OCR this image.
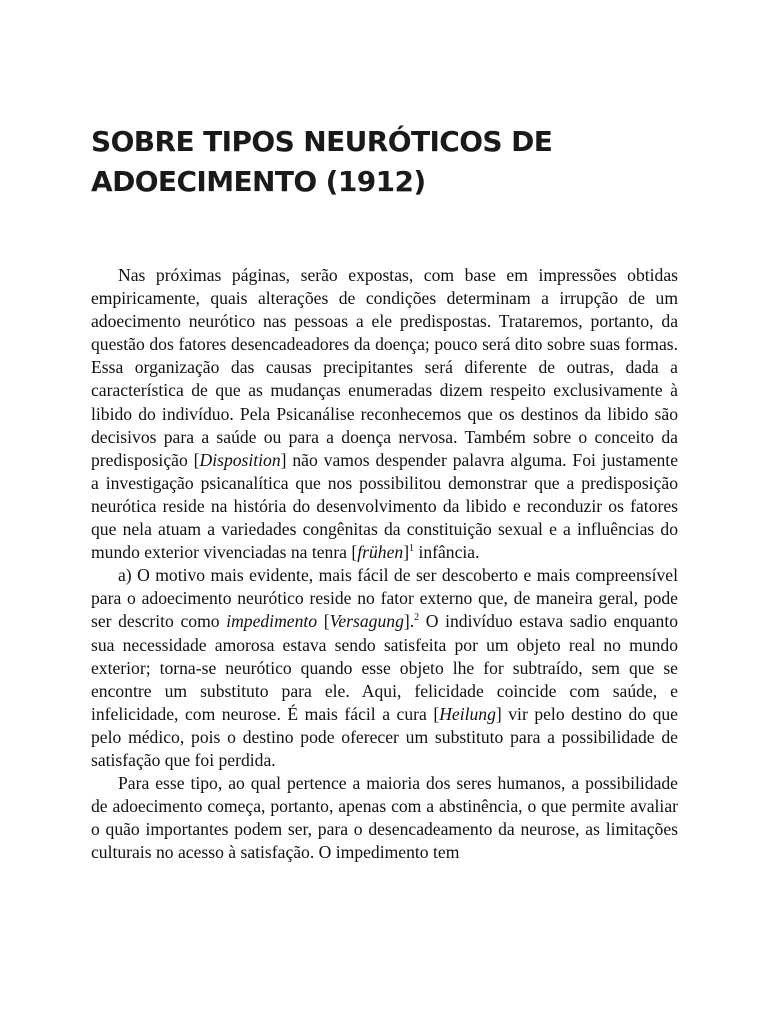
SOBRE TIPOS NEURÓTICOS DE
ADOECIMENTO (1912)

Nas próximas páginas, serão expostas, com base em impressões obtidas empiricamente, quais alterações de condições determinam a irrupção de um adoecimento neurótico nas pessoas a ele predispostas. Trataremos, portanto, da questão dos fatores desencadeadores da doença; pouco será dito sobre suas formas. Essa organização das causas precipitantes será diferente de outras, dada a característica de que as mudanças enumeradas dizem respeito exclusivamente à libido do indivíduo. Pela Psicanálise reconhecemos que os destinos da libido são decisivos para a saúde ou para a doença nervosa. Também sobre o conceito da predisposição [Disposition] não vamos despender palavra alguma. Foi justamente a investigação psicanalítica que nos possibilitou demonstrar que a predisposição neurótica reside na história do desenvolvimento da libido e reconduzir os fatores que nela atuam a variedades congênitas da constituição sexual e a influências do mundo exterior vivenciadas na tenra [frühen]$^1$ infância.

a) O motivo mais evidente, mais fácil de ser descoberto e mais compreensível para o adoecimento neurótico reside no fator externo que, de maneira geral, pode ser descrito como impedimento [Versagung].$^2$ O indivíduo estava sadio enquanto sua necessidade amorosa estava sendo satisfeita por um objeto real no mundo exterior; torna-se neurótico quando esse objeto lhe for subtraído, sem que se encontre um substituto para ele. Aqui, felicidade coincide com saúde, e infelicidade, com neurose. É mais fácil a cura [Heilung] vir pelo destino do que pelo médico, pois o destino pode oferecer um substituto para a possibilidade de satisfação que foi perdida.

Para esse tipo, ao qual pertence a maioria dos seres humanos, a possibilidade de adoecimento começa, portanto, apenas com a abstinência, o que permite avaliar o quão importantes podem ser, para o desencadeamento da neurose, as limitações culturais no acesso à satisfação. O impedimento tem
